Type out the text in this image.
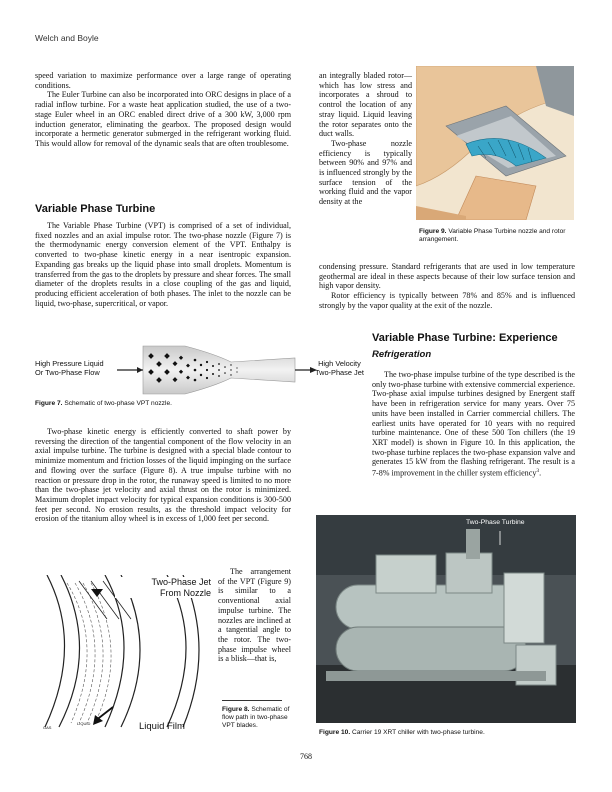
Welch and Boyle

speed variation to maximize performance over a large range of operating conditions.

The Euler Turbine can also be incorporated into ORC designs in place of a radial inflow turbine. For a waste heat application studied, the use of a two-stage Euler wheel in an ORC enabled direct drive of a 300 kW, 3,000 rpm induction generator, eliminating the gearbox. The proposed design would incorporate a hermetic generator submerged in the refrigerant working fluid. This would allow for removal of the dynamic seals that are often troublesome.

Variable Phase Turbine

The Variable Phase Turbine (VPT) is comprised of a set of individual, fixed nozzles and an axial impulse rotor. The two-phase nozzle (Figure 7) is the thermodynamic energy conversion element of the VPT. Enthalpy is converted to two-phase kinetic energy in a near isentropic expansion. Expanding gas breaks up the liquid phase into small droplets. Momentum is transferred from the gas to the droplets by pressure and shear forces. The small diameter of the droplets results in a close coupling of the gas and liquid, producing efficient acceleration of both phases. The inlet to the nozzle can be liquid, two-phase, supercritical, or vapor.

High Pressure Liquid
Or Two-Phase Flow
High Velocity
Two-Phase Jet
Figure 7. Schematic of two-phase VPT nozzle.

Two-phase kinetic energy is efficiently converted to shaft power by reversing the direction of the tangential component of the flow velocity in an axial impulse turbine. The turbine is designed with a special blade contour to minimize momentum and friction losses of the liquid impinging on the surface and flowing over the surface (Figure 8). A true impulse turbine with no reaction or pressure drop in the rotor, the runaway speed is limited to no more than the two-phase jet velocity and axial thrust on the rotor is minimized. Maximum droplet impact velocity for typical expansion conditions is 300-500 feet per second. No erosion results, as the threshold impact velocity for erosion of the titanium alloy wheel is in excess of 1,000 feet per second.

Two-Phase Jet
From Nozzle
GAS
LIQUID	Liquid Film

The arrangement of the VPT (Figure 9) is similar to a conventional axial impulse turbine. The nozzles are inclined at a tangential angle to the rotor. The two-phase impulse wheel is a blisk—that is,

Figure 8. Schematic of flow path in two-phase VPT blades.

an integrally bladed rotor—which has low stress and incorporates a shroud to control the location of any stray liquid. Liquid leaving the rotor separates onto the duct walls.

Two-phase nozzle efficiency is typically between 90% and 97% and is influenced strongly by the surface tension of the working fluid and the vapor density at the

condensing pressure. Standard refrigerants that are used in low temperature geothermal are ideal in these aspects because of their low surface tension and high vapor density.

Rotor efficiency is typically between 78% and 85% and is influenced strongly by the vapor quality at the exit of the nozzle.

Figure 9. Variable Phase Turbine nozzle and rotor arrangement.
Variable Phase Turbine: Experience
Refrigeration

The two-phase impulse turbine of the type described is the only two-phase turbine with extensive commercial experience. Two-phase axial impulse turbines designed by Energent staff have been in refrigeration service for many years. Over 75 units have been installed in Carrier commercial chillers. The earliest units have operated for 10 years with no required turbine maintenance. One of these 500 Ton chillers (the 19 XRT model) is shown in Figure 10. In this application, the two-phase turbine replaces the two-phase expansion valve and generates 15 kW from the flashing refrigerant. The result is a 7-8% improvement in the chiller system efficiency$^3$.

Two-Phase Turbine
Figure 10. Carrier 19 XRT chiller with two-phase turbine.
768
